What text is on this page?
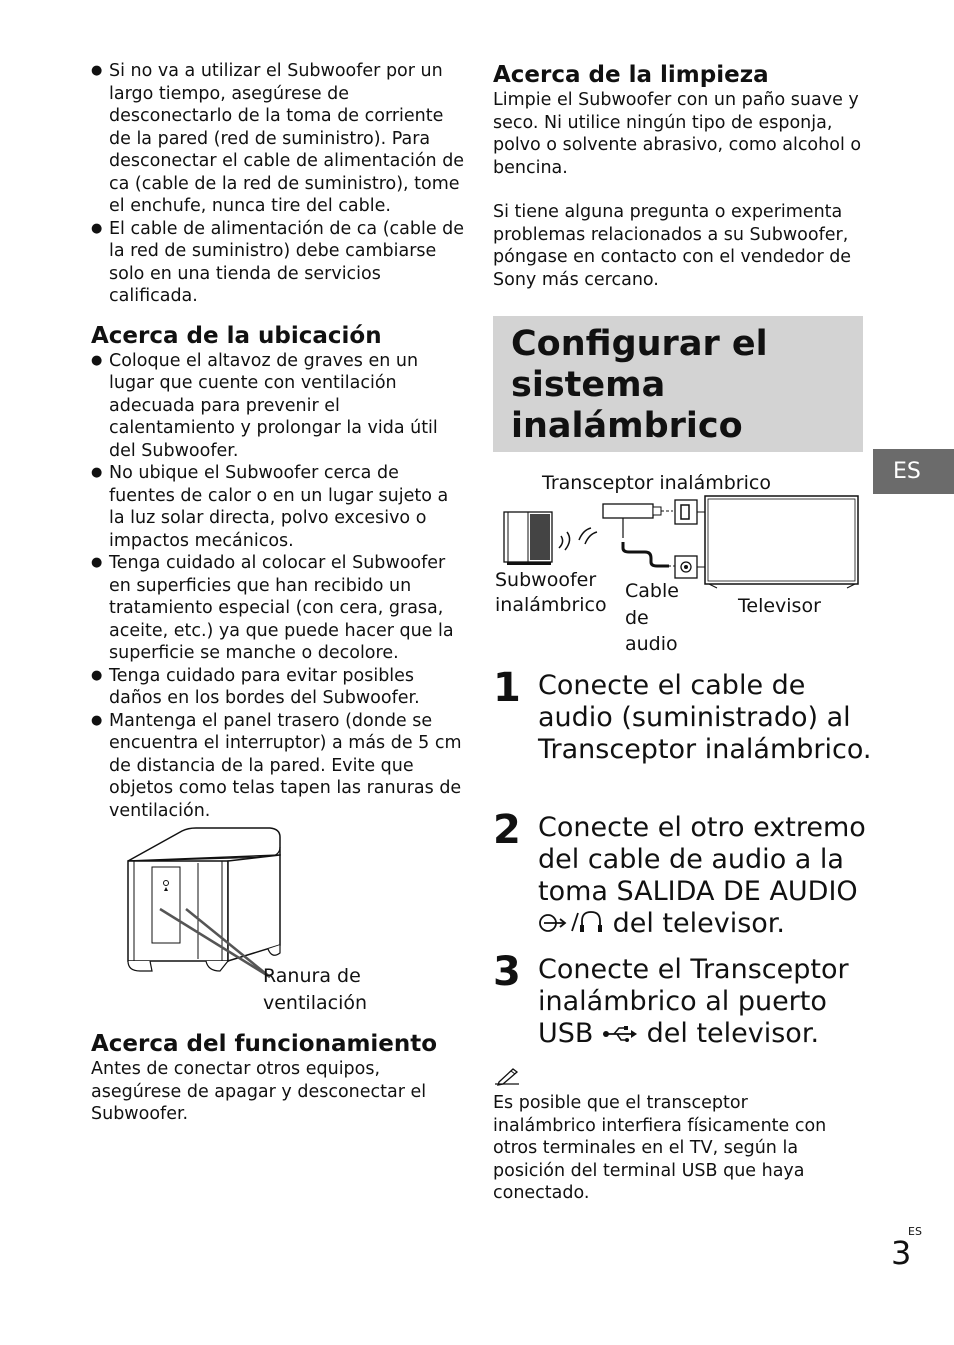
● Si no va a utilizar el Subwoofer por un largo tiempo, asegúrese de desconectarlo de la toma de corriente de la pared (red de suministro). Para desconectar el cable de alimentación de ca (cable de la red de suministro), tome el enchufe, nunca tire del cable.
● El cable de alimentación de ca (cable de la red de suministro) debe cambiarse solo en una tienda de servicios calificada.
Acerca de la ubicación
● Coloque el altavoz de graves en un lugar que cuente con ventilación adecuada para prevenir el calentamiento y prolongar la vida útil del Subwoofer.
● No ubique el Subwoofer cerca de fuentes de calor o en un lugar sujeto a la luz solar directa, polvo excesivo o impactos mecánicos.
● Tenga cuidado al colocar el Subwoofer en superficies que han recibido un tratamiento especial (con cera, grasa, aceite, etc.) ya que puede hacer que la superficie se manche o decolore.
● Tenga cuidado para evitar posibles daños en los bordes del Subwoofer.
● Mantenga el panel trasero (donde se encuentra el interruptor) a más de 5 cm de distancia de la pared. Evite que objetos como telas tapen las ranuras de ventilación.
Ranura de
ventilación
Acerca del funcionamiento
Antes de conectar otros equipos, asegúrese de apagar y desconectar el Subwoofer.
Acerca de la limpieza
Limpie el Subwoofer con un paño suave y seco. Ni utilice ningún tipo de esponja, polvo o solvente abrasivo, como alcohol o bencina.
Si tiene alguna pregunta o experimenta problemas relacionados a su Subwoofer, póngase en contacto con el vendedor de Sony más cercano.
Configurar el sistema inalámbrico
ES
Transceptor inalámbrico
Subwoofer
inalámbrico
Cable
de
audio
Televisor
1 Conecte el cable de audio (suministrado) al Transceptor inalámbrico.
2 Conecte el otro extremo del cable de audio a la toma SALIDA DE AUDIO  del televisor.
3 Conecte el Transceptor inalámbrico al puerto USB  del televisor.
Es posible que el transceptor inalámbrico interfiera físicamente con otros terminales en el TV, según la posición del terminal USB que haya conectado.
ES
3
